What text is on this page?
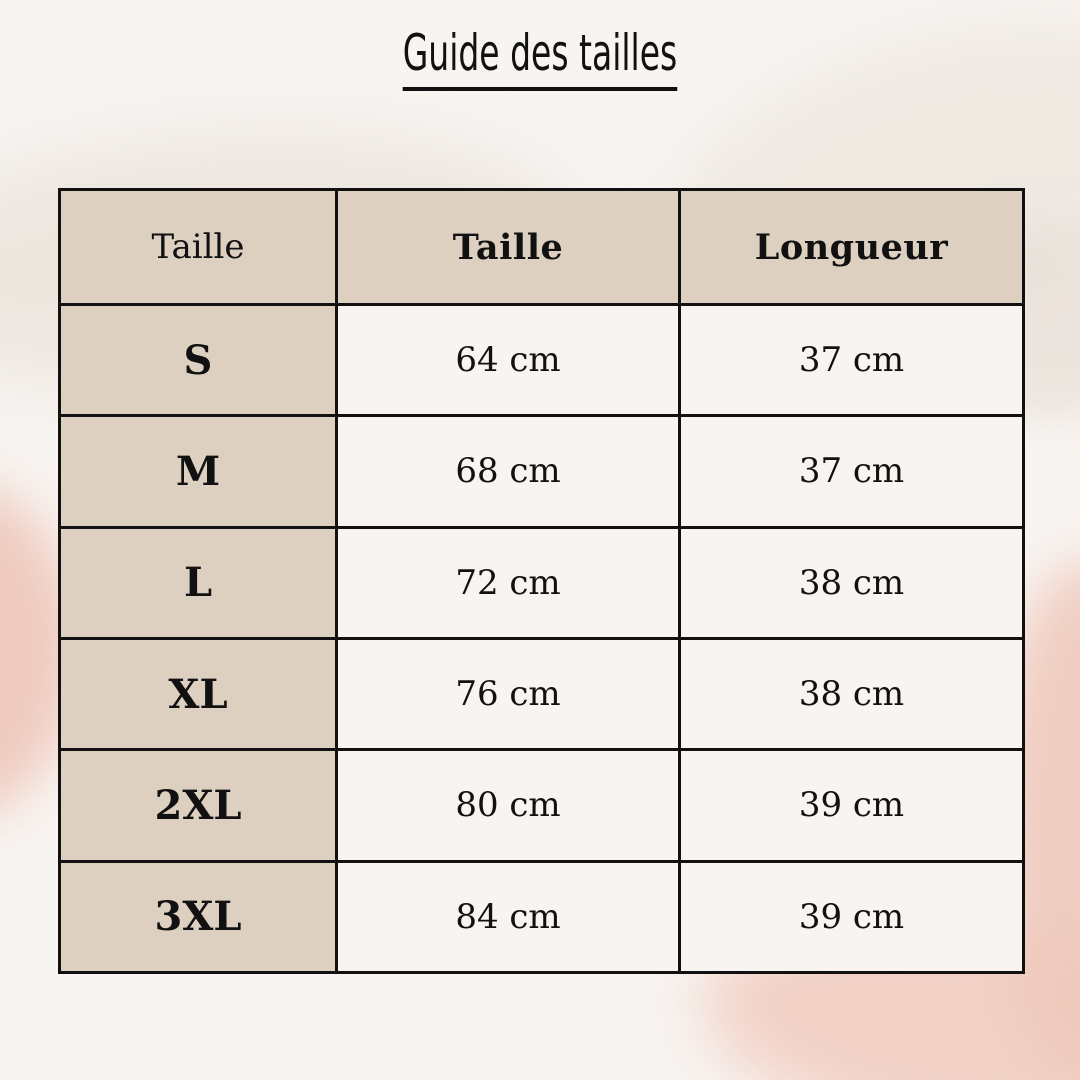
Guide des tailles
Taille	Taille	Longueur
S	64 cm	37 cm
M	68 cm	37 cm
L	72 cm	38 cm
XL	76 cm	38 cm
2XL	80 cm	39 cm
3XL	84 cm	39 cm
